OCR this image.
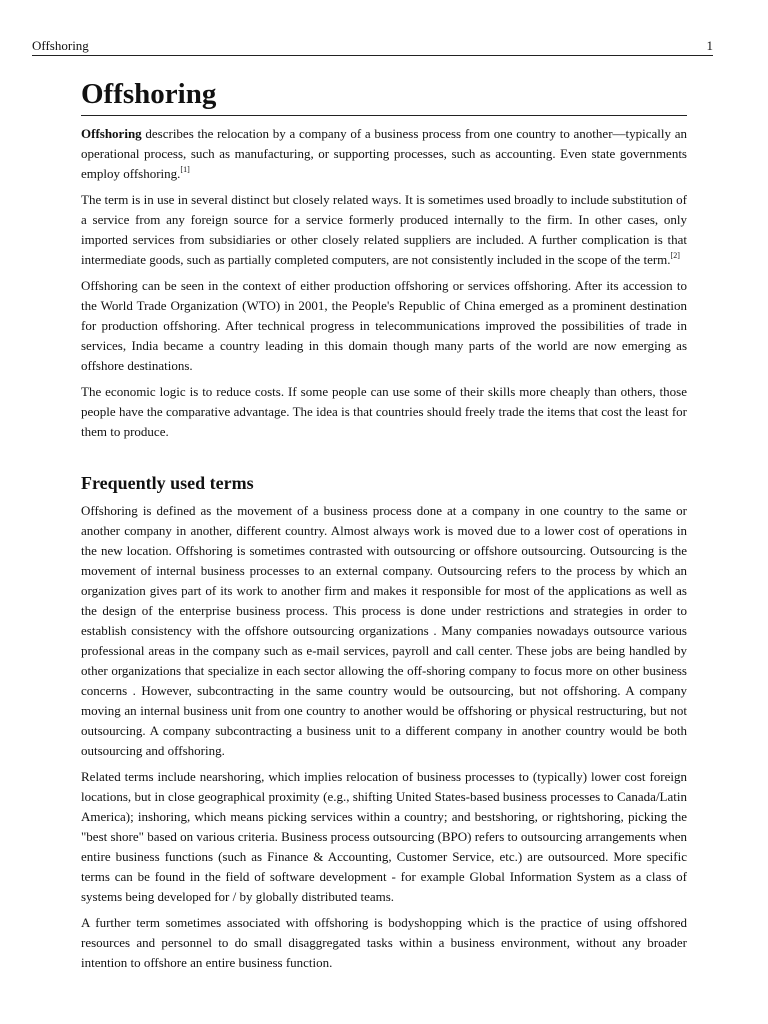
Offshoring	1
Offshoring

Offshoring describes the relocation by a company of a business process from one country to another—typically an operational process, such as manufacturing, or supporting processes, such as accounting. Even state governments employ offshoring.[1]

The term is in use in several distinct but closely related ways. It is sometimes used broadly to include substitution of a service from any foreign source for a service formerly produced internally to the firm. In other cases, only imported services from subsidiaries or other closely related suppliers are included. A further complication is that intermediate goods, such as partially completed computers, are not consistently included in the scope of the term.[2]

Offshoring can be seen in the context of either production offshoring or services offshoring. After its accession to the World Trade Organization (WTO) in 2001, the People's Republic of China emerged as a prominent destination for production offshoring. After technical progress in telecommunications improved the possibilities of trade in services, India became a country leading in this domain though many parts of the world are now emerging as offshore destinations.

The economic logic is to reduce costs. If some people can use some of their skills more cheaply than others, those people have the comparative advantage. The idea is that countries should freely trade the items that cost the least for them to produce.

Frequently used terms

Offshoring is defined as the movement of a business process done at a company in one country to the same or another company in another, different country. Almost always work is moved due to a lower cost of operations in the new location. Offshoring is sometimes contrasted with outsourcing or offshore outsourcing. Outsourcing is the movement of internal business processes to an external company. Outsourcing refers to the process by which an organization gives part of its work to another firm and makes it responsible for most of the applications as well as the design of the enterprise business process. This process is done under restrictions and strategies in order to establish consistency with the offshore outsourcing organizations . Many companies nowadays outsource various professional areas in the company such as e-mail services, payroll and call center. These jobs are being handled by other organizations that specialize in each sector allowing the off-shoring company to focus more on other business concerns . However, subcontracting in the same country would be outsourcing, but not offshoring. A company moving an internal business unit from one country to another would be offshoring or physical restructuring, but not outsourcing. A company subcontracting a business unit to a different company in another country would be both outsourcing and offshoring.

Related terms include nearshoring, which implies relocation of business processes to (typically) lower cost foreign locations, but in close geographical proximity (e.g., shifting United States-based business processes to Canada/Latin America); inshoring, which means picking services within a country; and bestshoring, or rightshoring, picking the "best shore" based on various criteria. Business process outsourcing (BPO) refers to outsourcing arrangements when entire business functions (such as Finance & Accounting, Customer Service, etc.) are outsourced. More specific terms can be found in the field of software development - for example Global Information System as a class of systems being developed for / by globally distributed teams.

A further term sometimes associated with offshoring is bodyshopping which is the practice of using offshored resources and personnel to do small disaggregated tasks within a business environment, without any broader intention to offshore an entire business function.
